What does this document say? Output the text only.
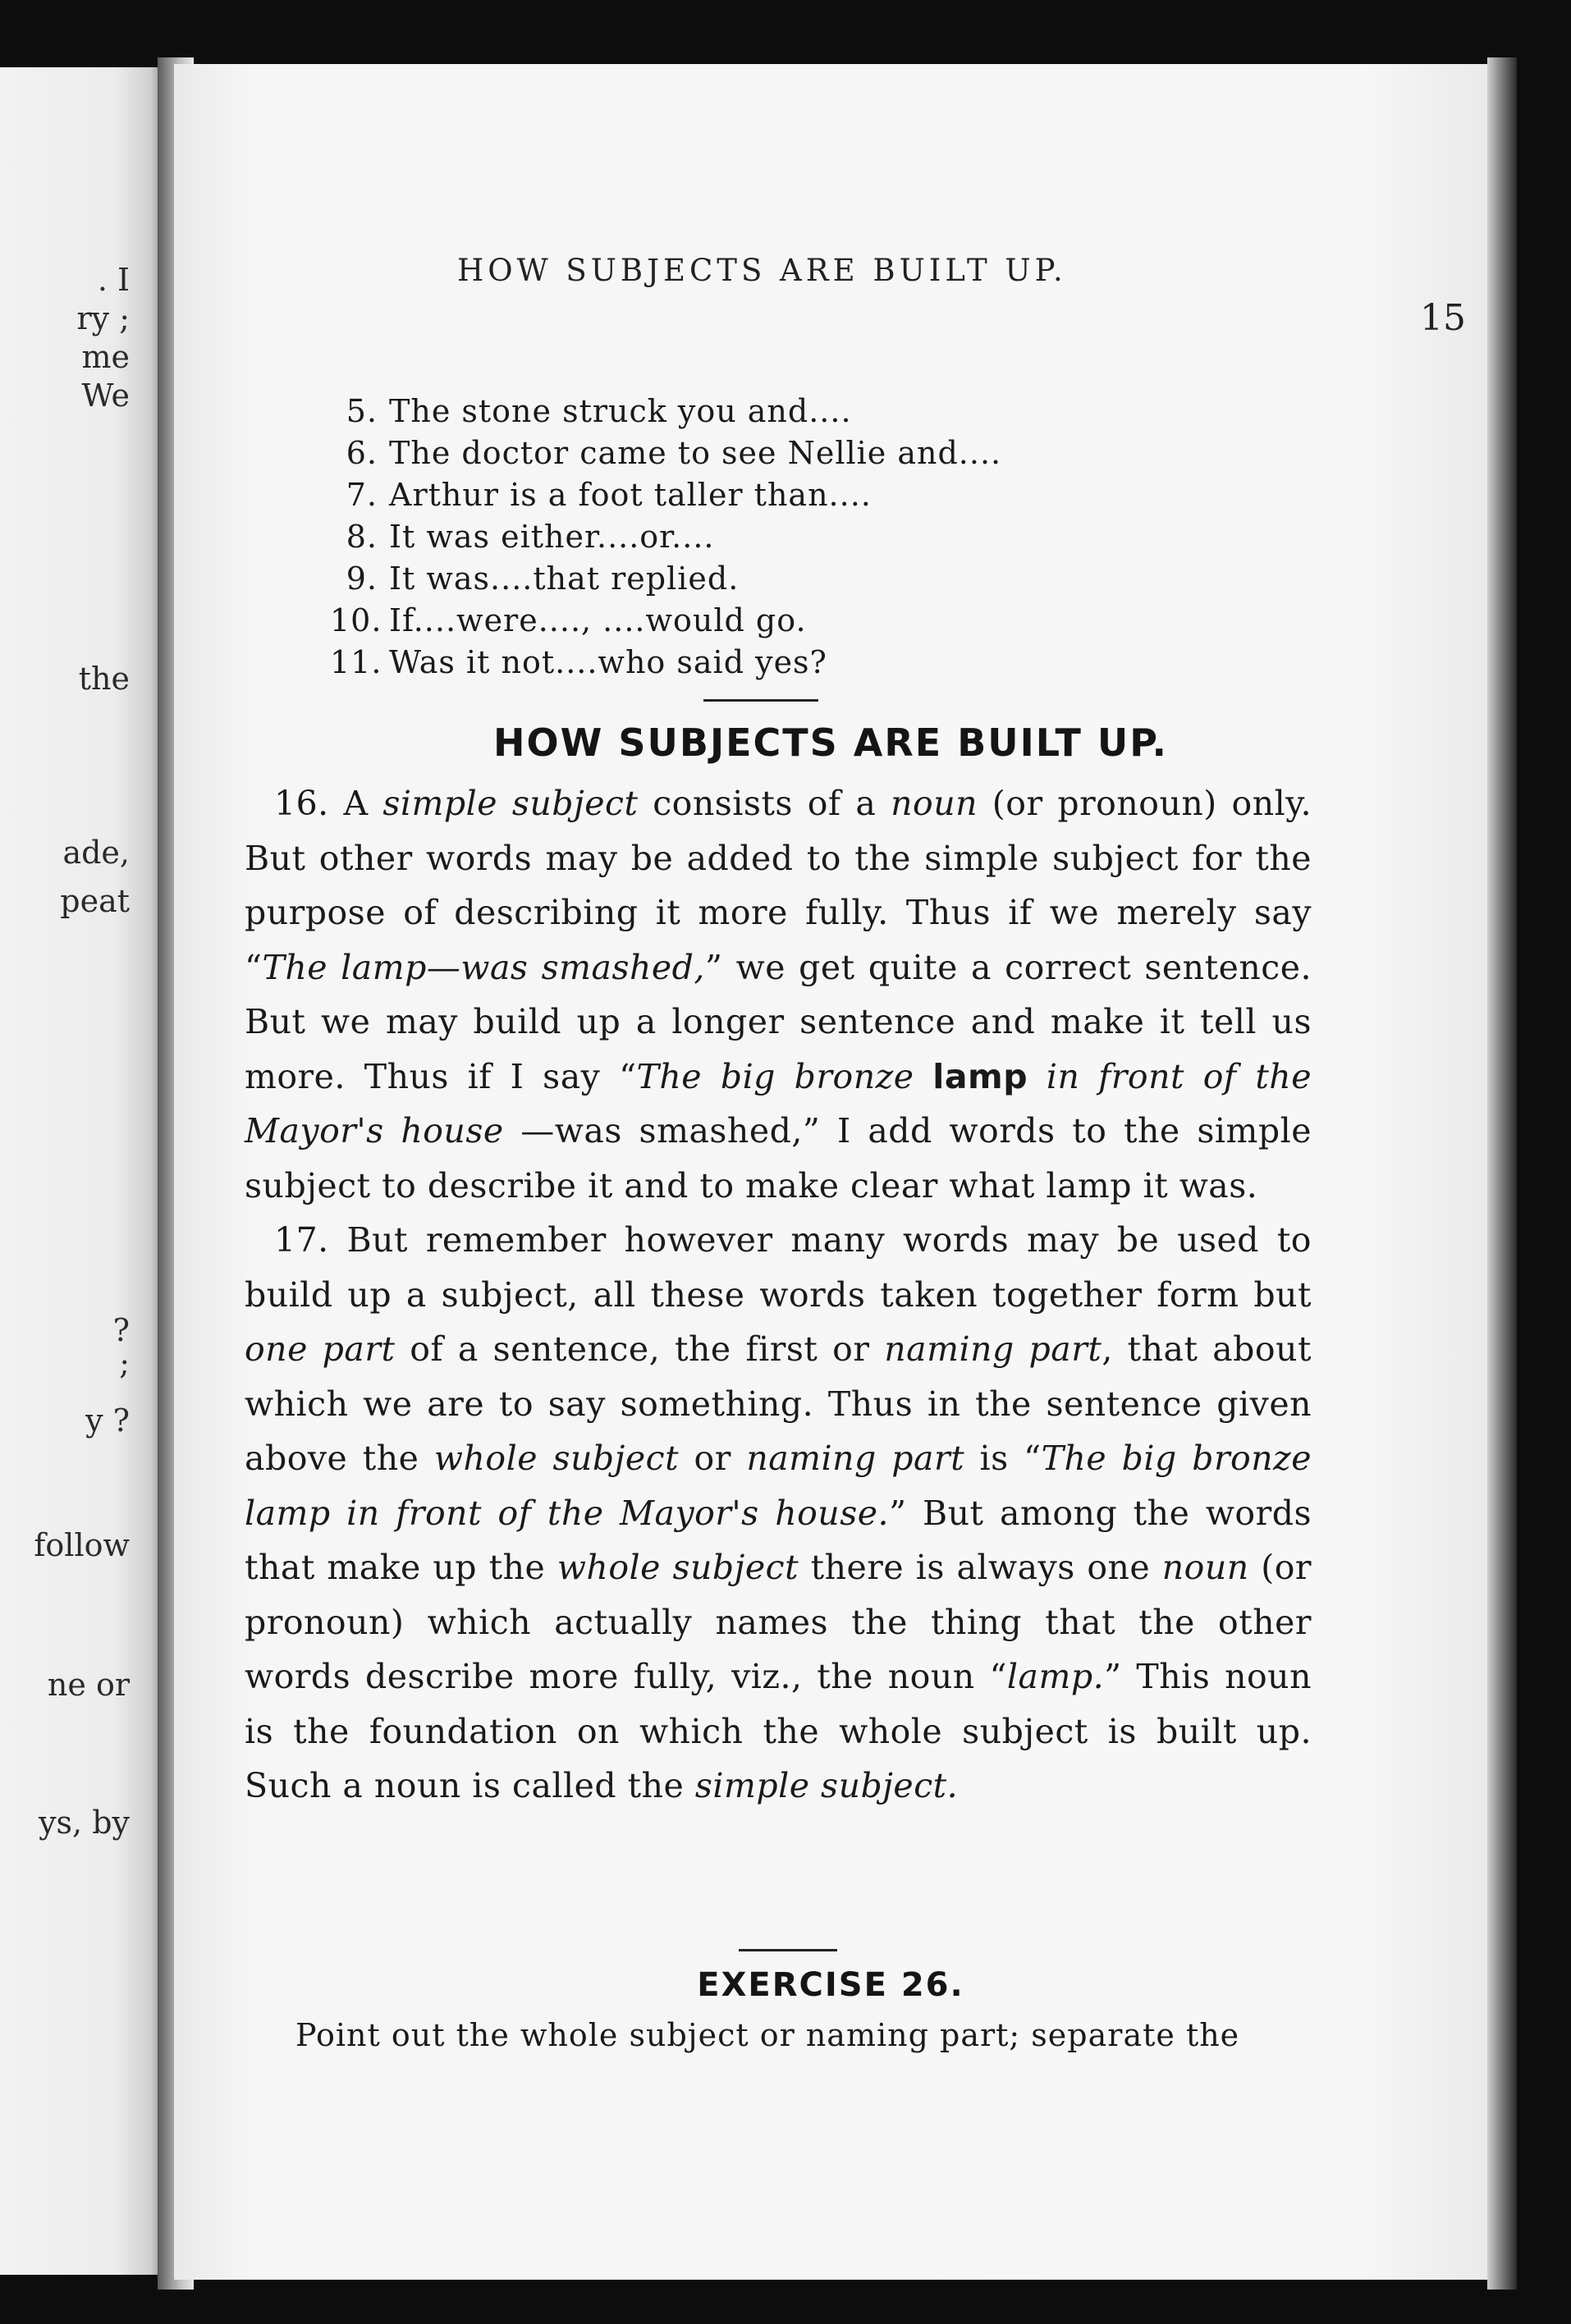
. I
ry ;
me
We
the
ade,
peat
?
;
y ?
follow
ne or
ys, by
HOW SUBJECTS ARE BUILT UP.
15
5. The stone struck you and....
6. The doctor came to see Nellie and....
7. Arthur is a foot taller than....
8. It was either....or....
9. It was....that replied.
10. If....were...., ....would go.
11. Was it not....who said yes?
HOW SUBJECTS ARE BUILT UP.

16. A simple subject consists of a noun (or pronoun) only. But other words may be added to the simple subject for the purpose of describing it more fully. Thus if we merely say “The lamp—was smashed,” we get quite a correct sentence. But we may build up a longer sentence and make it tell us more. Thus if I say “The big bronze lamp in front of the Mayor's house —was smashed,” I add words to the simple subject to describe it and to make clear what lamp it was.

17. But remember however many words may be used to build up a subject, all these words taken together form but one part of a sentence, the first or naming part, that about which we are to say something. Thus in the sentence given above the whole subject or naming part is “The big bronze lamp in front of the Mayor's house.” But among the words that make up the whole subject there is always one noun (or pronoun) which actually names the thing that the other words describe more fully, viz., the noun “lamp.” This noun is the foundation on which the whole subject is built up. Such a noun is called the simple subject.

EXERCISE 26.
Point out the whole subject or naming part; separate the
